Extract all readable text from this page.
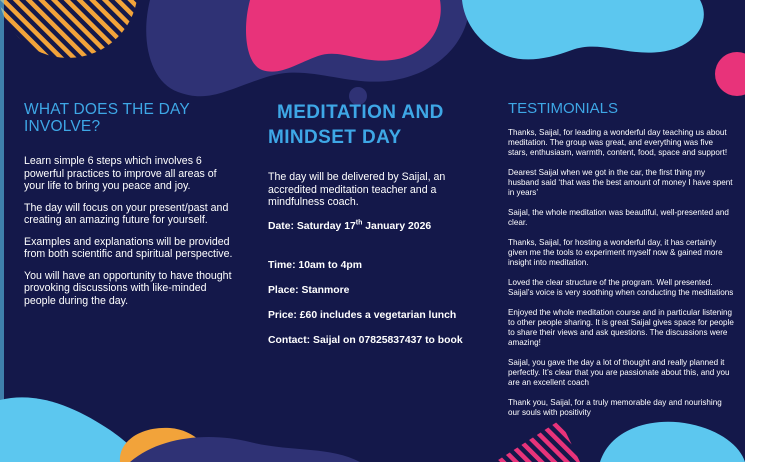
WHAT DOES THE DAY INVOLVE?

Learn simple 6 steps which involves 6 powerful practices to improve all areas of your life to bring you peace and joy.

The day will focus on your present/past and creating an amazing future for yourself.

Examples and explanations will be provided from both scientific and spiritual perspective.

You will have an opportunity to have thought provoking discussions with like-minded people during the day.

MEDITATION AND
MINDSET DAY

The day will be delivered by Saijal, an accredited meditation teacher and a mindfulness coach.

Date: Saturday 17th January 2026

Time: 10am to 4pm

Place: Stanmore

Price: £60 includes a vegetarian lunch

Contact: Saijal on 07825837437 to book

TESTIMONIALS

Thanks, Saijal, for leading a wonderful day teaching us about meditation. The group was great, and everything was five stars, enthusiasm, warmth, content, food, space and support!

Dearest Saijal when we got in the car, the first thing my husband said ‘that was the best amount of money I have spent in years’

Saijal, the whole meditation was beautiful, well-presented and clear.

Thanks, Saijal, for hosting a wonderful day, it has certainly given me the tools to experiment myself now & gained more insight into meditation.

Loved the clear structure of the program. Well presented. Saijal’s voice is very soothing when conducting the meditations

Enjoyed the whole meditation course and in particular listening to other people sharing. It is great Saijal gives space for people to share their views and ask questions. The discussions were amazing!

Saijal, you gave the day a lot of thought and really planned it perfectly. It’s clear that you are passionate about this, and you are an excellent coach

Thank you, Saijal, for a truly memorable day and nourishing our souls with positivity
